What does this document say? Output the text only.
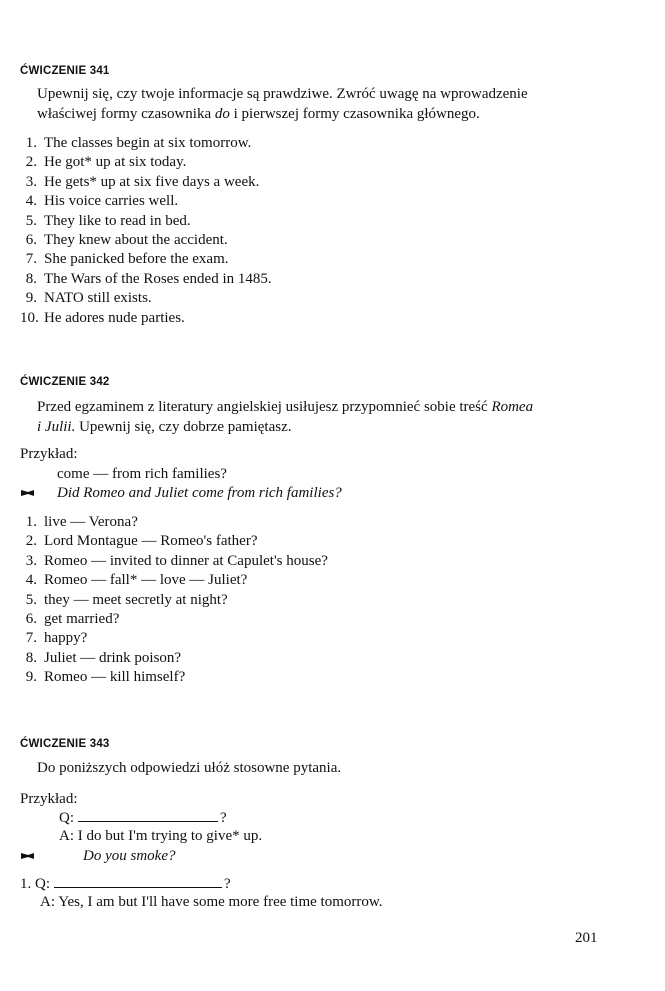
ĆWICZENIE 341
Upewnij się, czy twoje informacje są prawdziwe. Zwróć uwagę na wprowadzenie
właściwej formy czasownika do i pierwszej formy czasownika głównego.
1. The classes begin at six tomorrow.
2. He got* up at six today.
3. He gets* up at six five days a week.
4. His voice carries well.
5. They like to read in bed.
6. They knew about the accident.
7. She panicked before the exam.
8. The Wars of the Roses ended in 1485.
9. NATO still exists.
10. He adores nude parties.
ĆWICZENIE 342
Przed egzaminem z literatury angielskiej usiłujesz przypomnieć sobie treść Romea
i Julii. Upewnij się, czy dobrze pamiętasz.
Przykład:
come — from rich families?
Did Romeo and Juliet come from rich families?
1. live — Verona?
2. Lord Montague — Romeo's father?
3. Romeo — invited to dinner at Capulet's house?
4. Romeo — fall* — love — Juliet?
5. they — meet secretly at night?
6. get married?
7. happy?
8. Juliet — drink poison?
9. Romeo — kill himself?
ĆWICZENIE 343
Do poniższych odpowiedzi ułóż stosowne pytania.
Przykład:
Q:	?
A: I do but I'm trying to give* up.
Do you smoke?
1. Q:	?
A: Yes, I am but I'll have some more free time tomorrow.
201
